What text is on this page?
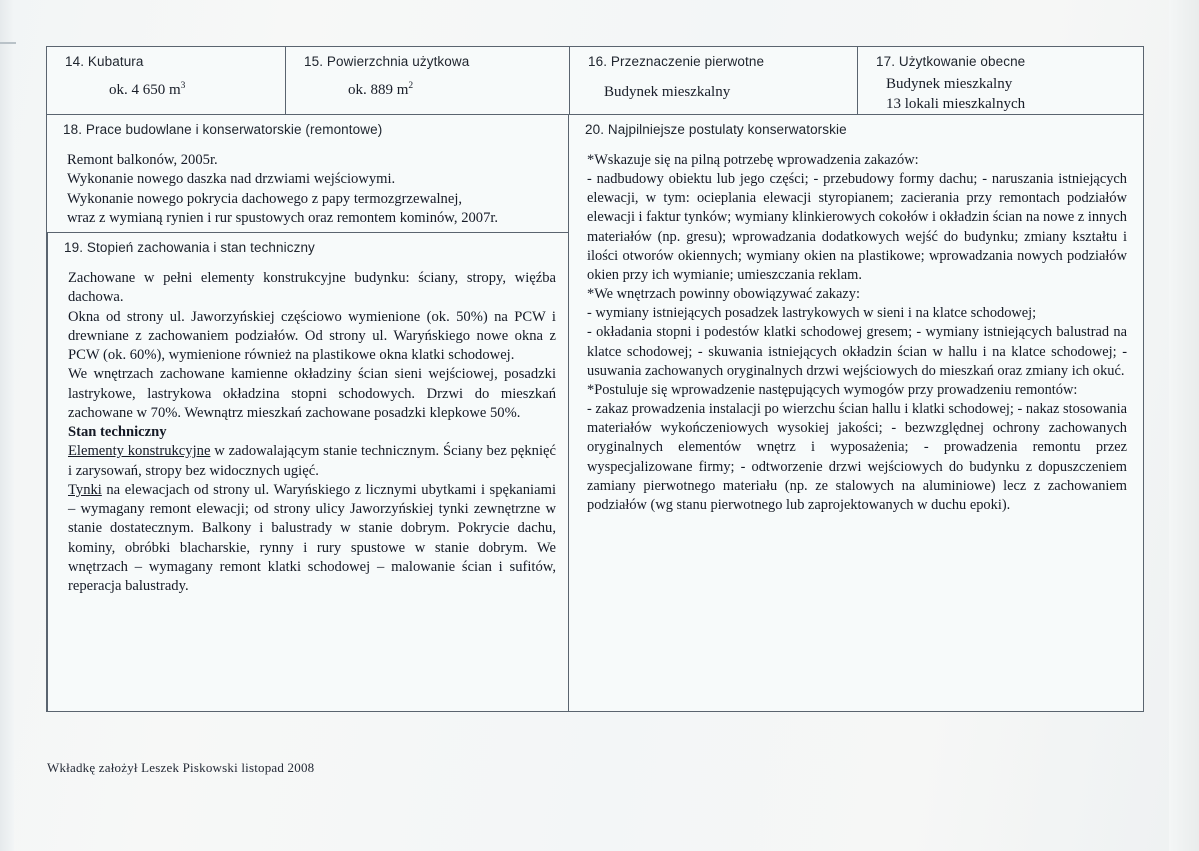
14. Kubatura
ok. 4 650 $m^3$
15. Powierzchnia użytkowa
ok. 889 $m^2$
16. Przeznaczenie pierwotne
Budynek mieszkalny
17. Użytkowanie obecne
Budynek mieszkalny
13 lokali mieszkalnych
18. Prace budowlane i konserwatorskie (remontowe)

Remont balkonów, 2005r.

Wykonanie nowego daszka nad drzwiami wejściowymi.

Wykonanie nowego pokrycia dachowego z papy termozgrzewalnej,

wraz z wymianą rynien i rur spustowych oraz remontem kominów, 2007r.

19. Stopień zachowania i stan techniczny

Zachowane w pełni elementy konstrukcyjne budynku: ściany, stropy, więźba dachowa.

Okna od strony ul. Jaworzyńskiej częściowo wymienione (ok. 50%) na PCW i drewniane z zachowaniem podziałów. Od strony ul. Waryńskiego nowe okna z PCW (ok. 60%), wymienione również na plastikowe okna klatki schodowej.

We wnętrzach zachowane kamienne okładziny ścian sieni wejściowej, posadzki lastrykowe, lastrykowa okładzina stopni schodowych. Drzwi do mieszkań zachowane w 70%. Wewnątrz mieszkań zachowane posadzki klepkowe 50%.

Stan techniczny

Elementy konstrukcyjne w zadowalającym stanie technicznym. Ściany bez pęknięć i zarysowań, stropy bez widocznych ugięć.

Tynki na elewacjach od strony ul. Waryńskiego z licznymi ubytkami i spękaniami – wymagany remont elewacji; od strony ulicy Jaworzyńskiej tynki zewnętrzne w stanie dostatecznym. Balkony i balustrady w stanie dobrym. Pokrycie dachu, kominy, obróbki blacharskie, rynny i rury spustowe w stanie dobrym. We wnętrzach – wymagany remont klatki schodowej – malowanie ścian i sufitów, reperacja balustrady.

20. Najpilniejsze postulaty konserwatorskie

*Wskazuje się na pilną potrzebę wprowadzenia zakazów:

- nadbudowy obiektu lub jego części; - przebudowy formy dachu; - naruszania istniejących elewacji, w tym: ocieplania elewacji styropianem; zacierania przy remontach podziałów elewacji i faktur tynków; wymiany klinkierowych cokołów i okładzin ścian na nowe z innych materiałów (np. gresu); wprowadzania dodatkowych wejść do budynku; zmiany kształtu i ilości otworów okiennych; wymiany okien na plastikowe; wprowadzania nowych podziałów okien przy ich wymianie; umieszczania reklam.

*We wnętrzach powinny obowiązywać zakazy:

- wymiany istniejących posadzek lastrykowych w sieni i na klatce schodowej;

- okładania stopni i podestów klatki schodowej gresem; - wymiany istniejących balustrad na klatce schodowej; - skuwania istniejących okładzin ścian w hallu i na klatce schodowej; - usuwania zachowanych oryginalnych drzwi wejściowych do mieszkań oraz zmiany ich okuć.

*Postuluje się wprowadzenie następujących wymogów przy prowadzeniu remontów:

- zakaz prowadzenia instalacji po wierzchu ścian hallu i klatki schodowej; - nakaz stosowania materiałów wykończeniowych wysokiej jakości; - bezwzględnej ochrony zachowanych oryginalnych elementów wnętrz i wyposażenia; - prowadzenia remontu przez wyspecjalizowane firmy; - odtworzenie drzwi wejściowych do budynku z dopuszczeniem zamiany pierwotnego materiału (np. ze stalowych na aluminiowe) lecz z zachowaniem podziałów (wg stanu pierwotnego lub zaprojektowanych w duchu epoki).

Wkładkę założył Leszek Piskowski listopad 2008
